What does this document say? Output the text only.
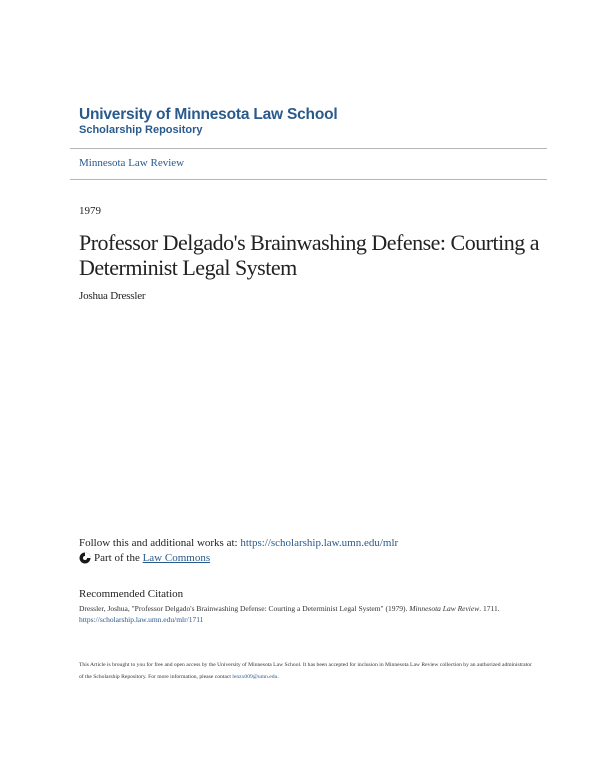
University of Minnesota Law School
Scholarship Repository
Minnesota Law Review
1979
Professor Delgado's Brainwashing Defense: Courting a Determinist Legal System
Joshua Dressler
Follow this and additional works at: https://scholarship.law.umn.edu/mlr
Part of the
Law Commons
Recommended Citation
Dressler, Joshua, "Professor Delgado's Brainwashing Defense: Courting a Determinist Legal System" (1979). Minnesota Law Review. 1711.
https://scholarship.law.umn.edu/mlr/1711
This Article is brought to you for free and open access by the University of Minnesota Law School. It has been accepted for inclusion in Minnesota Law Review collection by an authorized administrator of the Scholarship Repository. For more information, please contact lenzx009@umn.edu.
